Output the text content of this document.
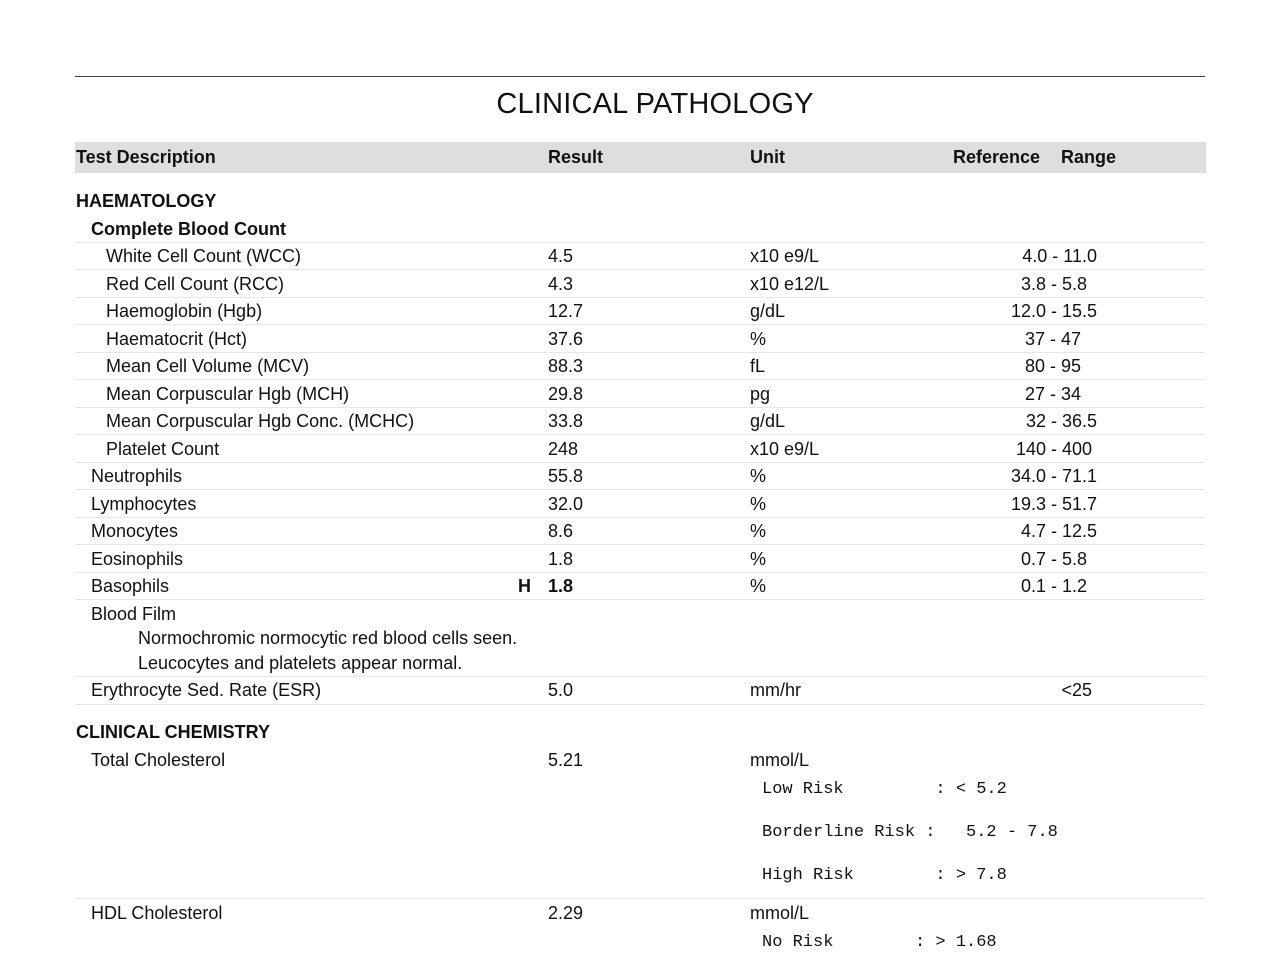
CLINICAL PATHOLOGY
Test Description	Result	Unit	Reference Range
HAEMATOLOGY
Complete Blood Count
White Cell Count (WCC)	4.5	x10 e9/L	4.0 - 11.0
Red Cell Count (RCC)	4.3	x10 e12/L	3.8 - 5.8
Haemoglobin (Hgb)	12.7	g/dL	12.0 - 15.5
Haematocrit (Hct)	37.6	%	37 - 47
Mean Cell Volume (MCV)	88.3	fL	80 - 95
Mean Corpuscular Hgb (MCH)	29.8	pg	27 - 34
Mean Corpuscular Hgb Conc. (MCHC)	33.8	g/dL	32 - 36.5
Platelet Count	248	x10 e9/L	140 - 400
Neutrophils	55.8	%	34.0 - 71.1
Lymphocytes	32.0	%	19.3 - 51.7
Monocytes	8.6	%	4.7 - 12.5
Eosinophils	1.8	%	0.7 - 5.8
Basophils	H 1.8	%	0.1 - 1.2
Blood Film
Normochromic normocytic red blood cells seen.
Leucocytes and platelets appear normal.
Erythrocyte Sed. Rate (ESR)	5.0	mm/hr	<25
CLINICAL CHEMISTRY
Total Cholesterol	5.21	mmol/L
Low Risk         : < 5.2
Borderline Risk :   5.2 - 7.8
High Risk        : > 7.8
HDL Cholesterol	2.29	mmol/L
No Risk        : > 1.68
